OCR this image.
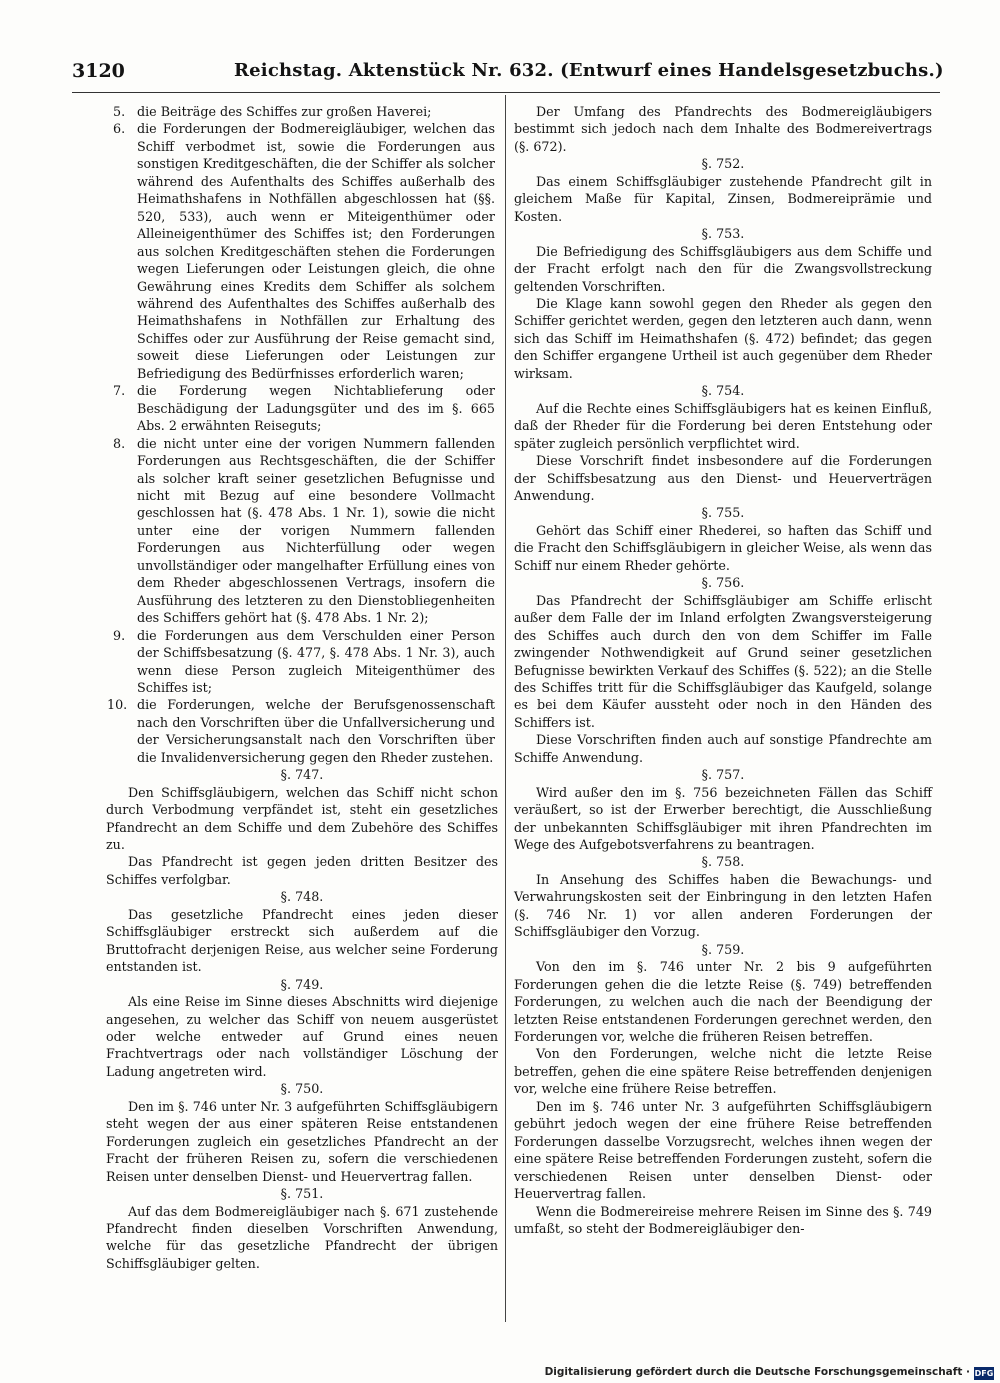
3120	Reichstag. Aktenstück Nr. 632. (Entwurf eines Handelsgesetzbuchs.)
5. die Beiträge des Schiffes zur großen Haverei;
6. die Forderungen der Bodmereigläubiger, welchen das Schiff verbodmet ist, sowie die Forderungen aus sonstigen Kreditgeschäften, die der Schiffer als solcher während des Aufenthalts des Schiffes außerhalb des Heimathshafens in Nothfällen abgeschlossen hat (§§. 520, 533), auch wenn er Miteigenthümer oder Alleineigenthümer des Schiffes ist; den Forderungen aus solchen Kreditgeschäften stehen die Forderungen wegen Lieferungen oder Leistungen gleich, die ohne Gewährung eines Kredits dem Schiffer als solchem während des Aufenthaltes des Schiffes außerhalb des Heimathshafens in Nothfällen zur Erhaltung des Schiffes oder zur Ausführung der Reise gemacht sind, soweit diese Lieferungen oder Leistungen zur Befriedigung des Bedürfnisses erforderlich waren;
7. die Forderung wegen Nichtablieferung oder Beschädigung der Ladungsgüter und des im §. 665 Abs. 2 erwähnten Reiseguts;
8. die nicht unter eine der vorigen Nummern fallenden Forderungen aus Rechtsgeschäften, die der Schiffer als solcher kraft seiner gesetzlichen Befugnisse und nicht mit Bezug auf eine besondere Vollmacht geschlossen hat (§. 478 Abs. 1 Nr. 1), sowie die nicht unter eine der vorigen Nummern fallenden Forderungen aus Nichterfüllung oder wegen unvollständiger oder mangelhafter Erfüllung eines von dem Rheder abgeschlossenen Vertrags, insofern die Ausführung des letzteren zu den Dienstobliegenheiten des Schiffers gehört hat (§. 478 Abs. 1 Nr. 2);
9. die Forderungen aus dem Verschulden einer Person der Schiffsbesatzung (§. 477, §. 478 Abs. 1 Nr. 3), auch wenn diese Person zugleich Miteigenthümer des Schiffes ist;
10. die Forderungen, welche der Berufsgenossenschaft nach den Vorschriften über die Unfallversicherung und der Versicherungsanstalt nach den Vorschriften über die Invalidenversicherung gegen den Rheder zustehen.
§. 747.
Den Schiffsgläubigern, welchen das Schiff nicht schon durch Verbodmung verpfändet ist, steht ein gesetzliches Pfandrecht an dem Schiffe und dem Zubehöre des Schiffes zu.
Das Pfandrecht ist gegen jeden dritten Besitzer des Schiffes verfolgbar.
§. 748.
Das gesetzliche Pfandrecht eines jeden dieser Schiffsgläubiger erstreckt sich außerdem auf die Bruttofracht derjenigen Reise, aus welcher seine Forderung entstanden ist.
§. 749.
Als eine Reise im Sinne dieses Abschnitts wird diejenige angesehen, zu welcher das Schiff von neuem ausgerüstet oder welche entweder auf Grund eines neuen Frachtvertrags oder nach vollständiger Löschung der Ladung angetreten wird.
§. 750.
Den im §. 746 unter Nr. 3 aufgeführten Schiffsgläubigern steht wegen der aus einer späteren Reise entstandenen Forderungen zugleich ein gesetzliches Pfandrecht an der Fracht der früheren Reisen zu, sofern die verschiedenen Reisen unter denselben Dienst- und Heuervertrag fallen.
§. 751.
Auf das dem Bodmereigläubiger nach §. 671 zustehende Pfandrecht finden dieselben Vorschriften Anwendung, welche für das gesetzliche Pfandrecht der übrigen Schiffsgläubiger gelten.
Der Umfang des Pfandrechts des Bodmereigläubigers bestimmt sich jedoch nach dem Inhalte des Bodmereivertrags (§. 672).
§. 752.
Das einem Schiffsgläubiger zustehende Pfandrecht gilt in gleichem Maße für Kapital, Zinsen, Bodmereiprämie und Kosten.
§. 753.
Die Befriedigung des Schiffsgläubigers aus dem Schiffe und der Fracht erfolgt nach den für die Zwangsvollstreckung geltenden Vorschriften.
Die Klage kann sowohl gegen den Rheder als gegen den Schiffer gerichtet werden, gegen den letzteren auch dann, wenn sich das Schiff im Heimathshafen (§. 472) befindet; das gegen den Schiffer ergangene Urtheil ist auch gegenüber dem Rheder wirksam.
§. 754.
Auf die Rechte eines Schiffsgläubigers hat es keinen Einfluß, daß der Rheder für die Forderung bei deren Entstehung oder später zugleich persönlich verpflichtet wird.
Diese Vorschrift findet insbesondere auf die Forderungen der Schiffsbesatzung aus den Dienst- und Heuerverträgen Anwendung.
§. 755.
Gehört das Schiff einer Rhederei, so haften das Schiff und die Fracht den Schiffsgläubigern in gleicher Weise, als wenn das Schiff nur einem Rheder gehörte.
§. 756.
Das Pfandrecht der Schiffsgläubiger am Schiffe erlischt außer dem Falle der im Inland erfolgten Zwangsversteigerung des Schiffes auch durch den von dem Schiffer im Falle zwingender Nothwendigkeit auf Grund seiner gesetzlichen Befugnisse bewirkten Verkauf des Schiffes (§. 522); an die Stelle des Schiffes tritt für die Schiffsgläubiger das Kaufgeld, solange es bei dem Käufer aussteht oder noch in den Händen des Schiffers ist.
Diese Vorschriften finden auch auf sonstige Pfandrechte am Schiffe Anwendung.
§. 757.
Wird außer den im §. 756 bezeichneten Fällen das Schiff veräußert, so ist der Erwerber berechtigt, die Ausschließung der unbekannten Schiffsgläubiger mit ihren Pfandrechten im Wege des Aufgebotsverfahrens zu beantragen.
§. 758.
In Ansehung des Schiffes haben die Bewachungs- und Verwahrungskosten seit der Einbringung in den letzten Hafen (§. 746 Nr. 1) vor allen anderen Forderungen der Schiffsgläubiger den Vorzug.
§. 759.
Von den im §. 746 unter Nr. 2 bis 9 aufgeführten Forderungen gehen die die letzte Reise (§. 749) betreffenden Forderungen, zu welchen auch die nach der Beendigung der letzten Reise entstandenen Forderungen gerechnet werden, den Forderungen vor, welche die früheren Reisen betreffen.
Von den Forderungen, welche nicht die letzte Reise betreffen, gehen die eine spätere Reise betreffenden denjenigen vor, welche eine frühere Reise betreffen.
Den im §. 746 unter Nr. 3 aufgeführten Schiffsgläubigern gebührt jedoch wegen der eine frühere Reise betreffenden Forderungen dasselbe Vorzugsrecht, welches ihnen wegen der eine spätere Reise betreffenden Forderungen zusteht, sofern die verschiedenen Reisen unter denselben Dienst- oder Heuervertrag fallen.
Wenn die Bodmereireise mehrere Reisen im Sinne des §. 749 umfaßt, so steht der Bodmereigläubiger den-
Digitalisierung gefördert durch die Deutsche Forschungsgemeinschaft · DFG
